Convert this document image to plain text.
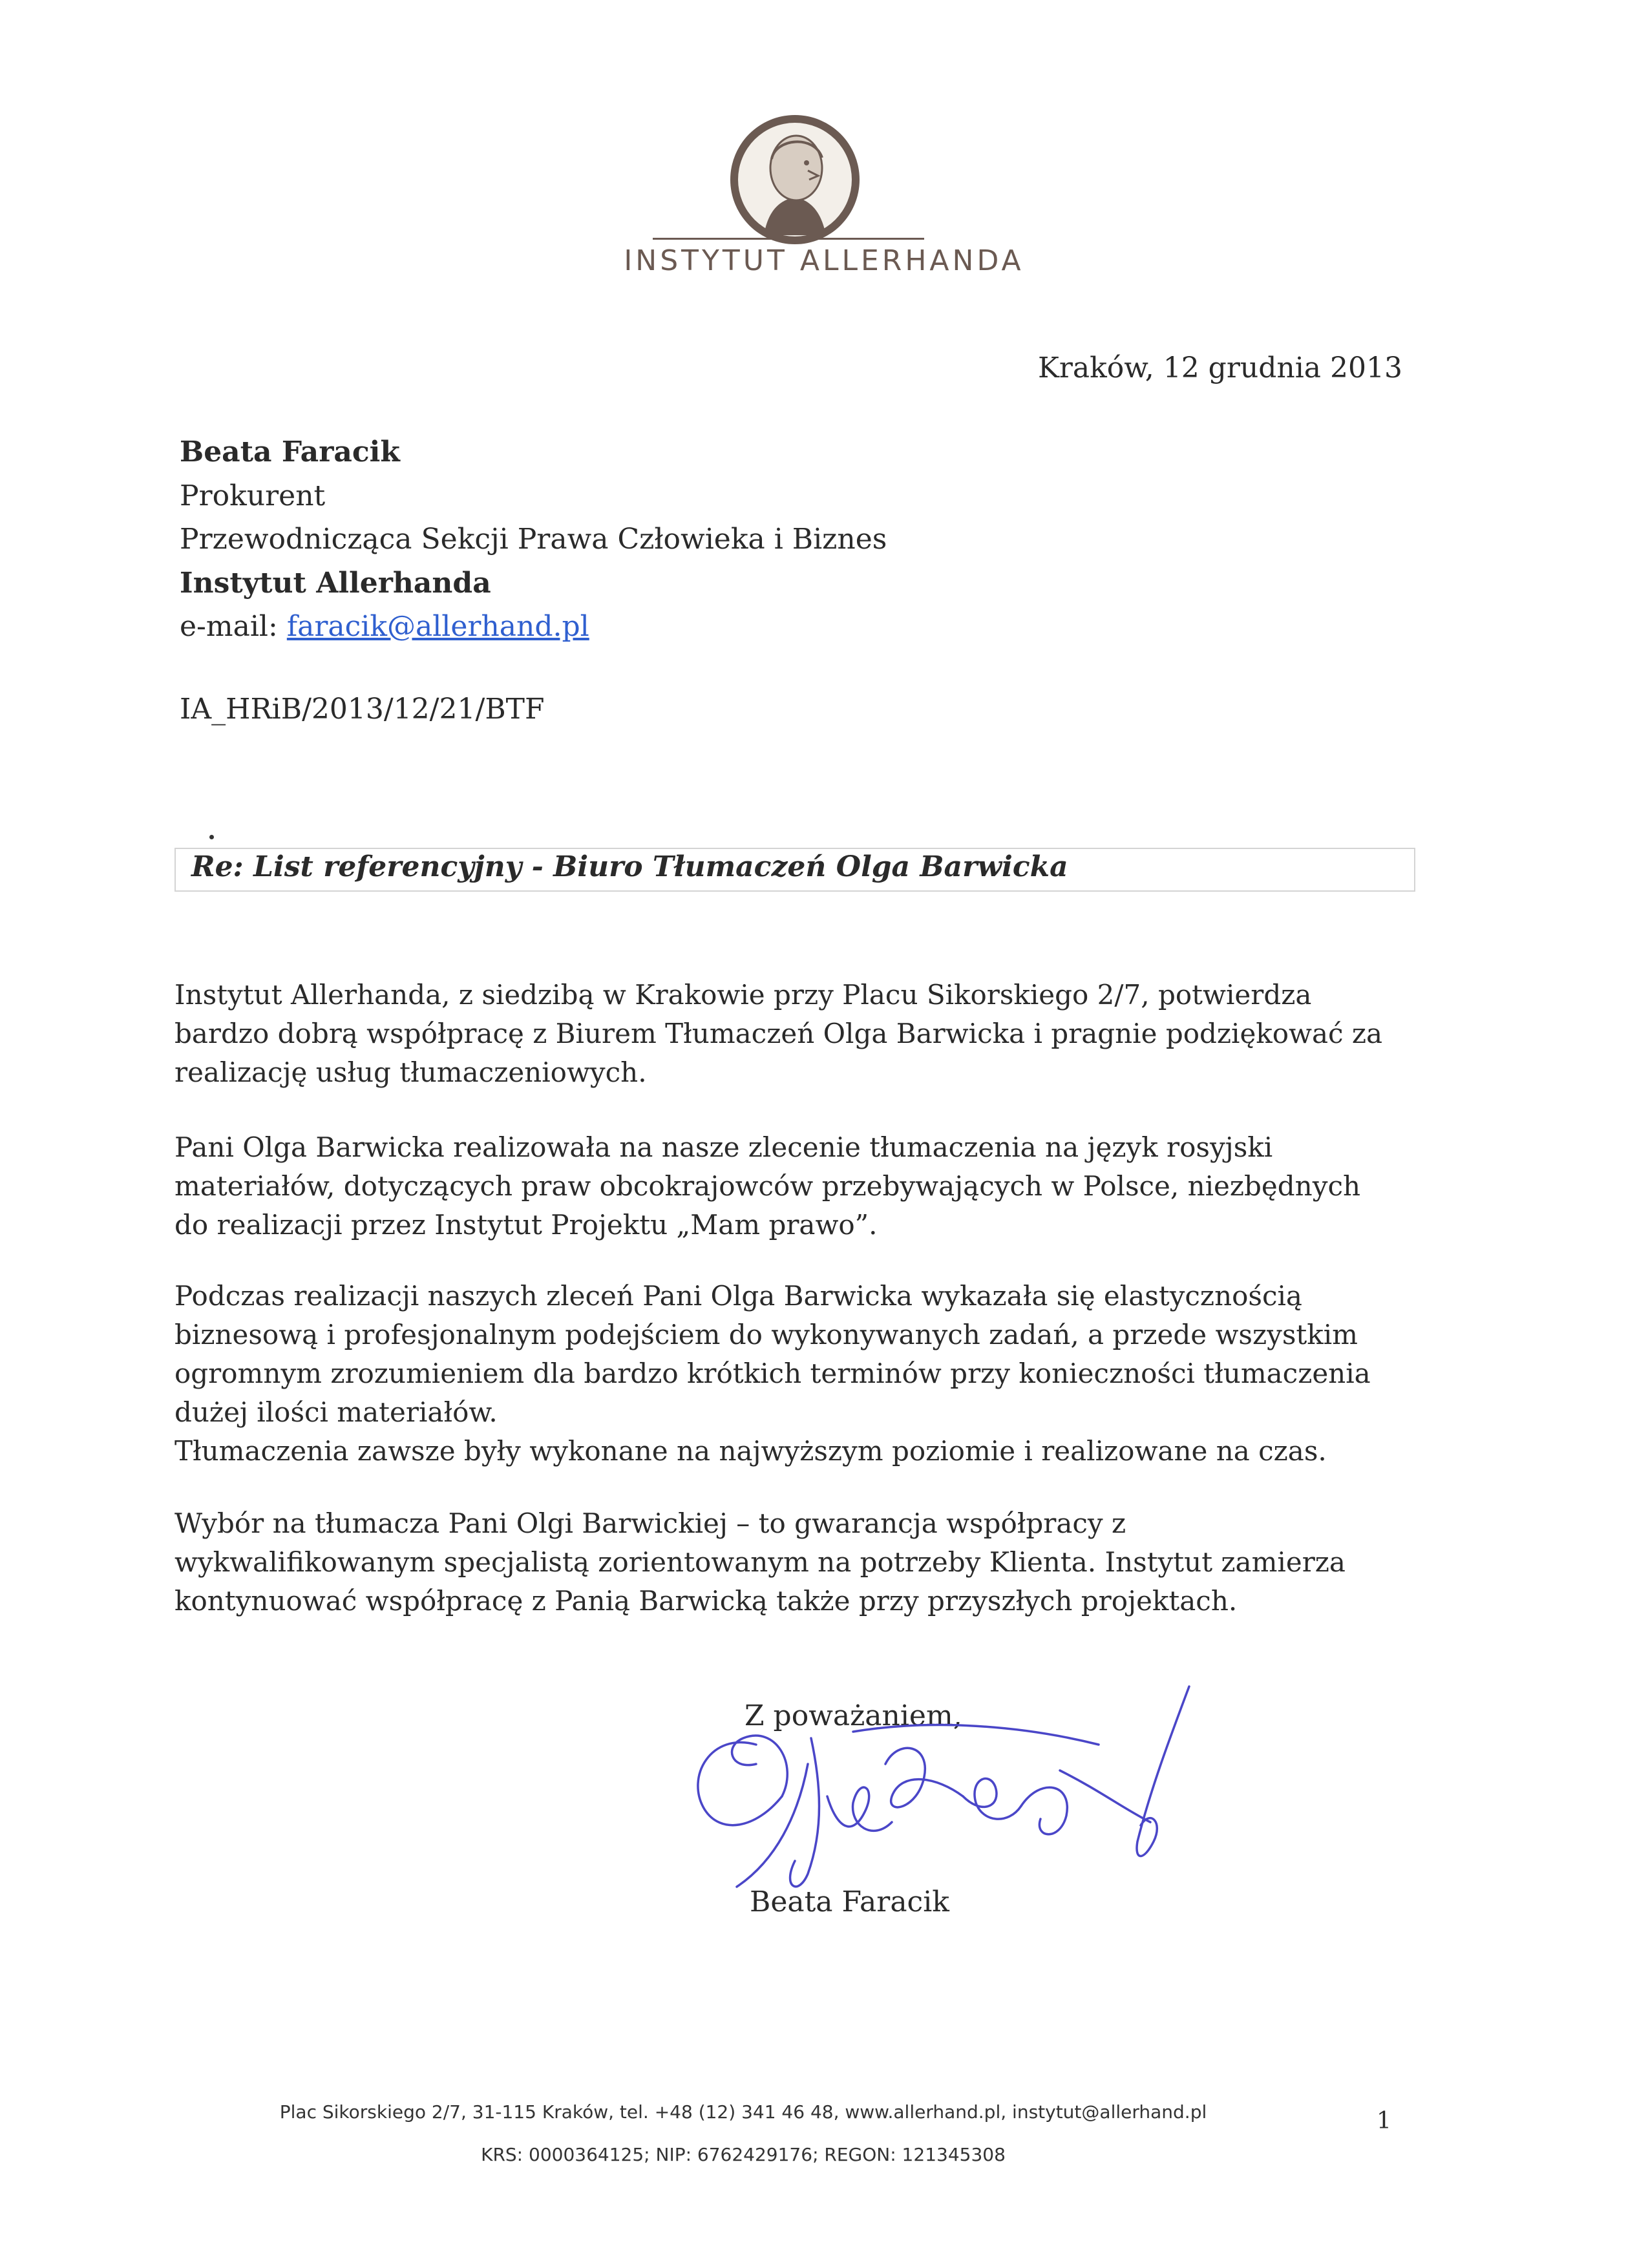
INSTYTUT ALLERHANDA
Kraków, 12 grudnia 2013
Beata Faracik
Prokurent
Przewodnicząca Sekcji Prawa Człowieka i Biznes
Instytut Allerhanda
e-mail: faracik@allerhand.pl
IA_HRiB/2013/12/21/BTF
Re: List referencyjny - Biuro Tłumaczeń Olga Barwicka
Instytut Allerhanda, z siedzibą w Krakowie przy Placu Sikorskiego 2/7, potwierdza
bardzo dobrą współpracę z Biurem Tłumaczeń Olga Barwicka i pragnie podziękować za
realizację usług tłumaczeniowych.
Pani Olga Barwicka realizowała na nasze zlecenie tłumaczenia na język rosyjski
materiałów, dotyczących praw obcokrajowców przebywających w Polsce, niezbędnych
do realizacji przez Instytut Projektu „Mam prawo”.
Podczas realizacji naszych zleceń Pani Olga Barwicka wykazała się elastycznością
biznesową i profesjonalnym podejściem do wykonywanych zadań, a przede wszystkim
ogromnym zrozumieniem dla bardzo krótkich terminów przy konieczności tłumaczenia
dużej ilości materiałów.
Tłumaczenia zawsze były wykonane na najwyższym poziomie i realizowane na czas.
Wybór na tłumacza Pani Olgi Barwickiej – to gwarancja współpracy z
wykwalifikowanym specjalistą zorientowanym na potrzeby Klienta. Instytut zamierza
kontynuować współpracę z Panią Barwicką także przy przyszłych projektach.
Z poważaniem,
Beata Faracik
Plac Sikorskiego 2/7, 31-115 Kraków, tel. +48 (12) 341 46 48, www.allerhand.pl, instytut@allerhand.pl
KRS: 0000364125; NIP: 6762429176; REGON: 121345308
1
